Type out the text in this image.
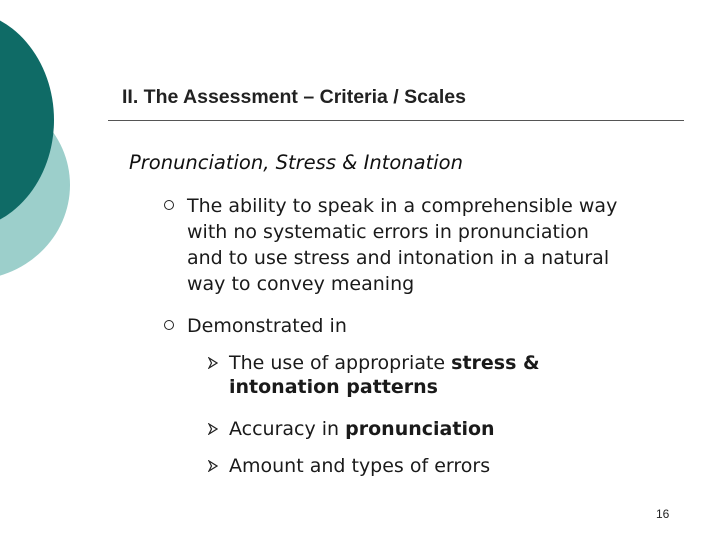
II. The Assessment – Criteria / Scales

Pronunciation, Stress & Intonation

The ability to speak in a comprehensible way
with no systematic errors in pronunciation
and to use stress and intonation in a natural
way to convey meaning
Demonstrated in
The use of appropriate stress &
intonation patterns
Accuracy in pronunciation
Amount and types of errors
16
